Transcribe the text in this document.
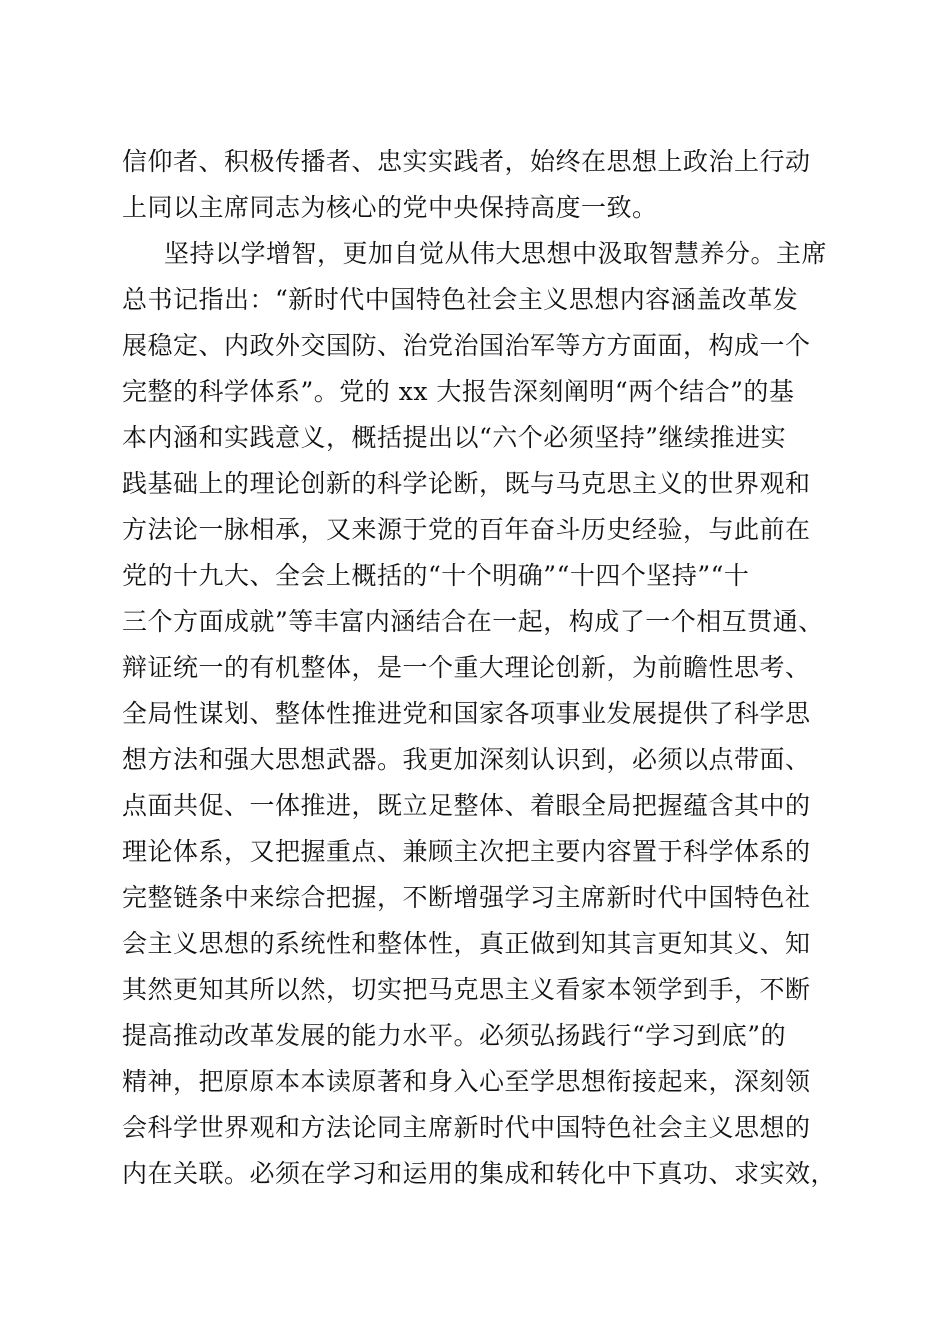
信仰者、积极传播者、忠实实践者，始终在思想上政治上行动
上同以主席同志为核心的党中央保持高度一致。
坚持以学增智，更加自觉从伟大思想中汲取智慧养分。主席
总书记指出：“新时代中国特色社会主义思想内容涵盖改革发
展稳定、内政外交国防、治党治国治军等方方面面，构成一个
完整的科学体系”。党的 xx 大报告深刻阐明“两个结合”的基
本内涵和实践意义，概括提出以“六个必须坚持”继续推进实
践基础上的理论创新的科学论断，既与马克思主义的世界观和
方法论一脉相承，又来源于党的百年奋斗历史经验，与此前在
党的十九大、全会上概括的“十个明确”“十四个坚持”“十
三个方面成就”等丰富内涵结合在一起，构成了一个相互贯通、
辩证统一的有机整体，是一个重大理论创新，为前瞻性思考、
全局性谋划、整体性推进党和国家各项事业发展提供了科学思
想方法和强大思想武器。我更加深刻认识到，必须以点带面、
点面共促、一体推进，既立足整体、着眼全局把握蕴含其中的
理论体系，又把握重点、兼顾主次把主要内容置于科学体系的
完整链条中来综合把握，不断增强学习主席新时代中国特色社
会主义思想的系统性和整体性，真正做到知其言更知其义、知
其然更知其所以然，切实把马克思主义看家本领学到手，不断
提高推动改革发展的能力水平。必须弘扬践行“学习到底”的
精神，把原原本本读原著和身入心至学思想衔接起来，深刻领
会科学世界观和方法论同主席新时代中国特色社会主义思想的
内在关联。必须在学习和运用的集成和转化中下真功、求实效，
